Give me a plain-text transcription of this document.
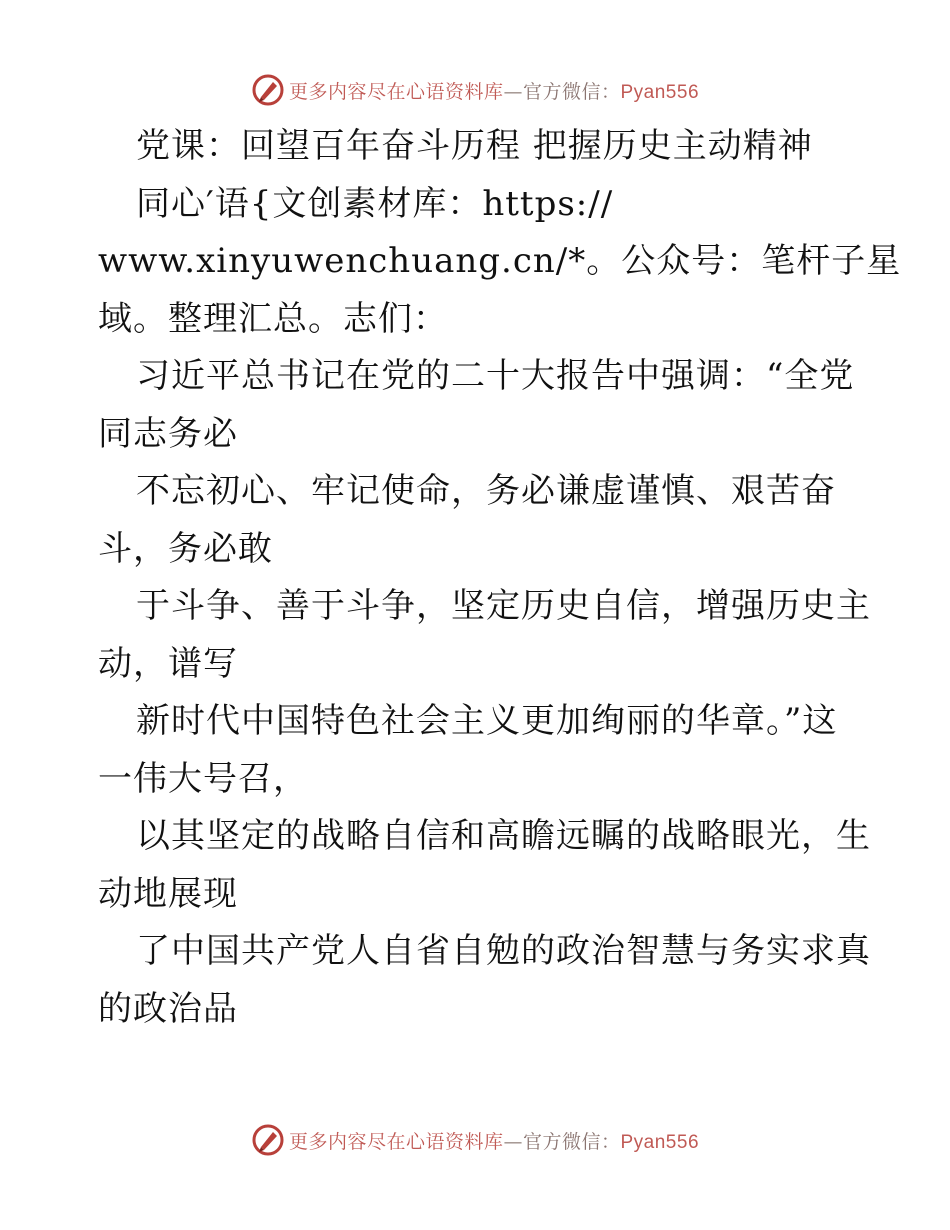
更多内容尽在心语资料库—官方微信：Pyan556
党课：回望百年奋斗历程 把握历史主动精神
同心′语{文创素材库：https://
www.xinyuwenchuang.cn/*。公众号：笔杆子星
域。整理汇总。志们：
习近平总书记在党的二十大报告中强调：“全党
同志务必
不忘初心、牢记使命，务必谦虚谨慎、艰苦奋
斗，务必敢
于斗争、善于斗争，坚定历史自信，增强历史主
动，谱写
新时代中国特色社会主义更加绚丽的华章。”这
一伟大号召，
以其坚定的战略自信和高瞻远瞩的战略眼光，生
动地展现
了中国共产党人自省自勉的政治智慧与务实求真
的政治品
更多内容尽在心语资料库—官方微信：Pyan556
